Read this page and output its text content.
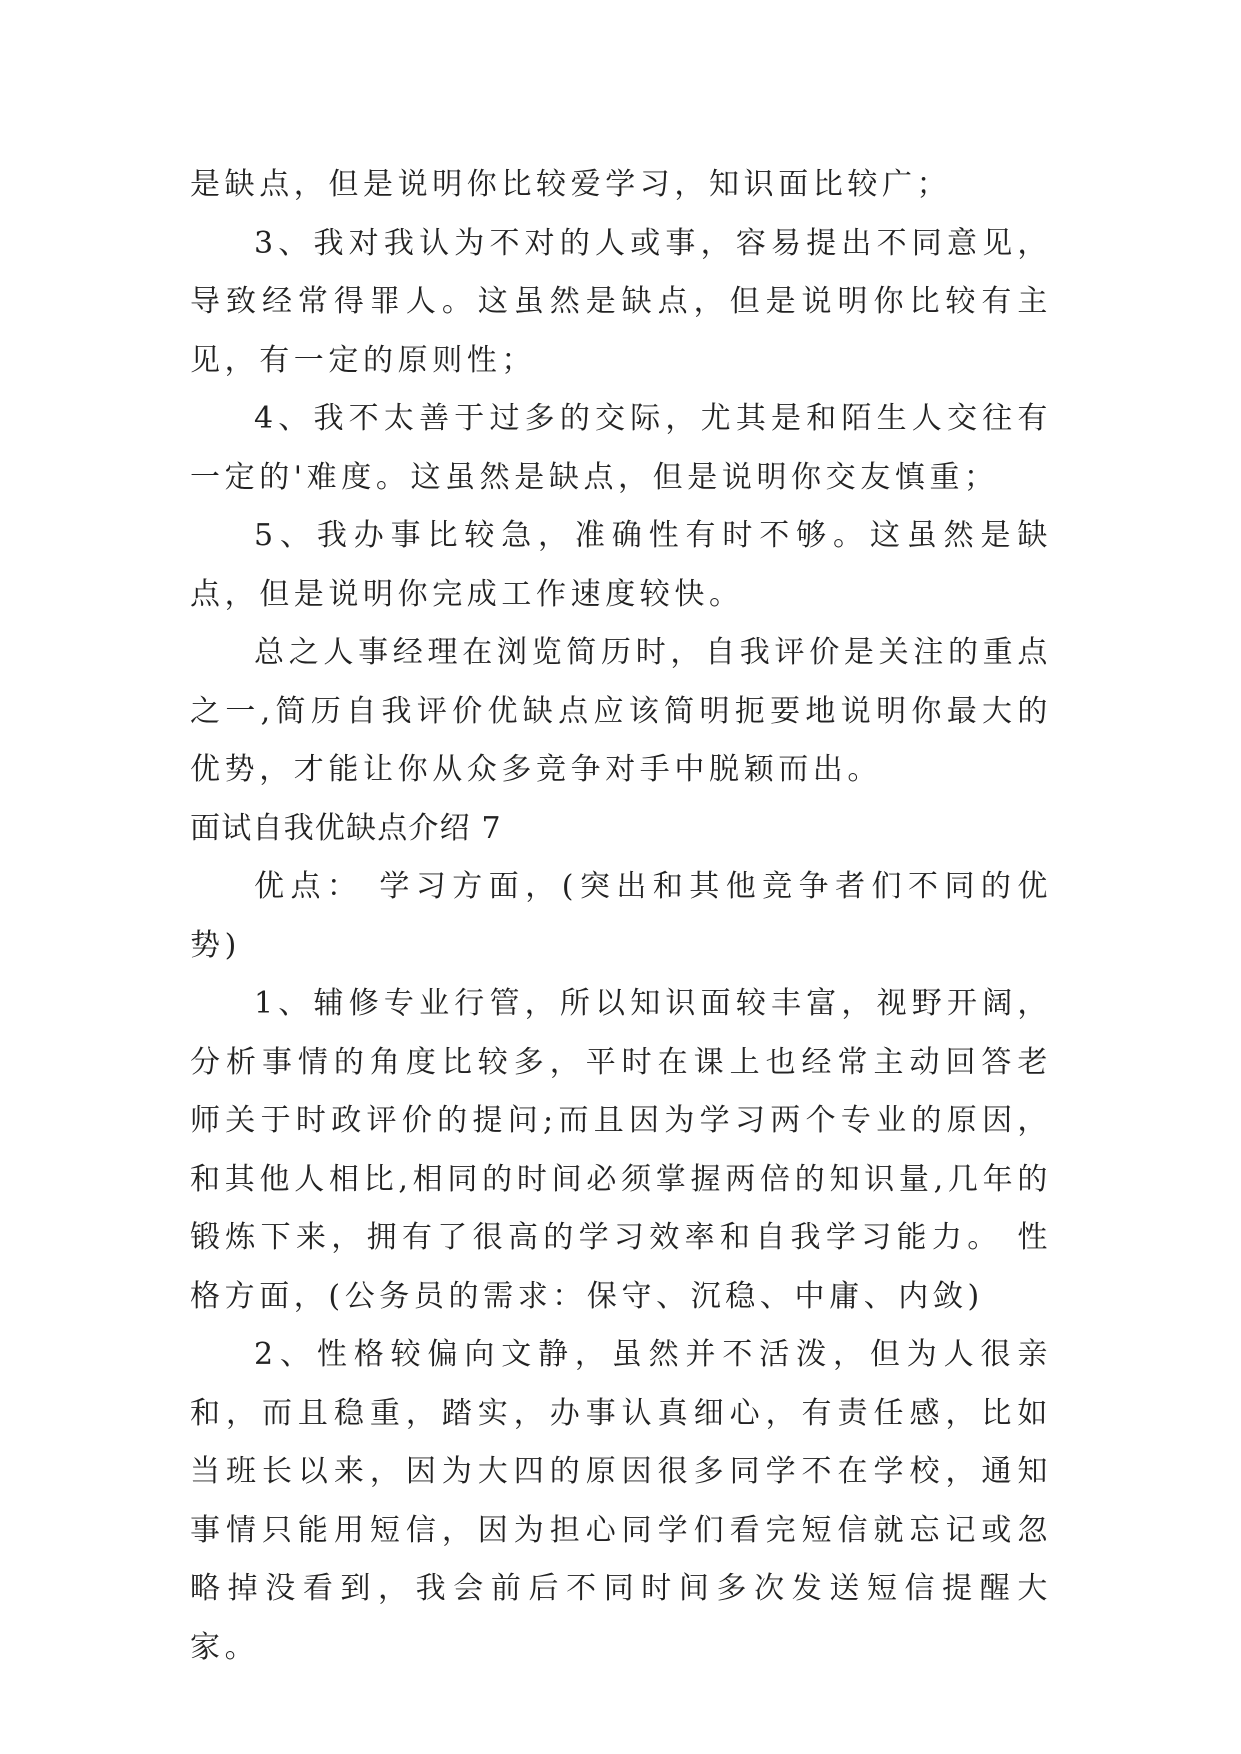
是缺点，但是说明你比较爱学习，知识面比较广；

3、我对我认为不对的人或事，容易提出不同意见，导致经常得罪人。这虽然是缺点，但是说明你比较有主见，有一定的原则性；

4、我不太善于过多的交际，尤其是和陌生人交往有一定的'难度。这虽然是缺点，但是说明你交友慎重；

5、我办事比较急，准确性有时不够。这虽然是缺点，但是说明你完成工作速度较快。

总之人事经理在浏览简历时，自我评价是关注的重点之一,简历自我评价优缺点应该简明扼要地说明你最大的优势，才能让你从众多竞争对手中脱颖而出。

面试自我优缺点介绍 7

优点： 学习方面，(突出和其他竞争者们不同的优势)

1、辅修专业行管，所以知识面较丰富，视野开阔，分析事情的角度比较多，平时在课上也经常主动回答老师关于时政评价的提问;而且因为学习两个专业的原因，和其他人相比,相同的时间必须掌握两倍的知识量,几年的锻炼下来，拥有了很高的学习效率和自我学习能力。 性格方面，(公务员的需求：保守、沉稳、中庸、内敛)

2、性格较偏向文静，虽然并不活泼，但为人很亲和，而且稳重，踏实，办事认真细心，有责任感，比如当班长以来，因为大四的原因很多同学不在学校，通知事情只能用短信，因为担心同学们看完短信就忘记或忽略掉没看到，我会前后不同时间多次发送短信提醒大家。
